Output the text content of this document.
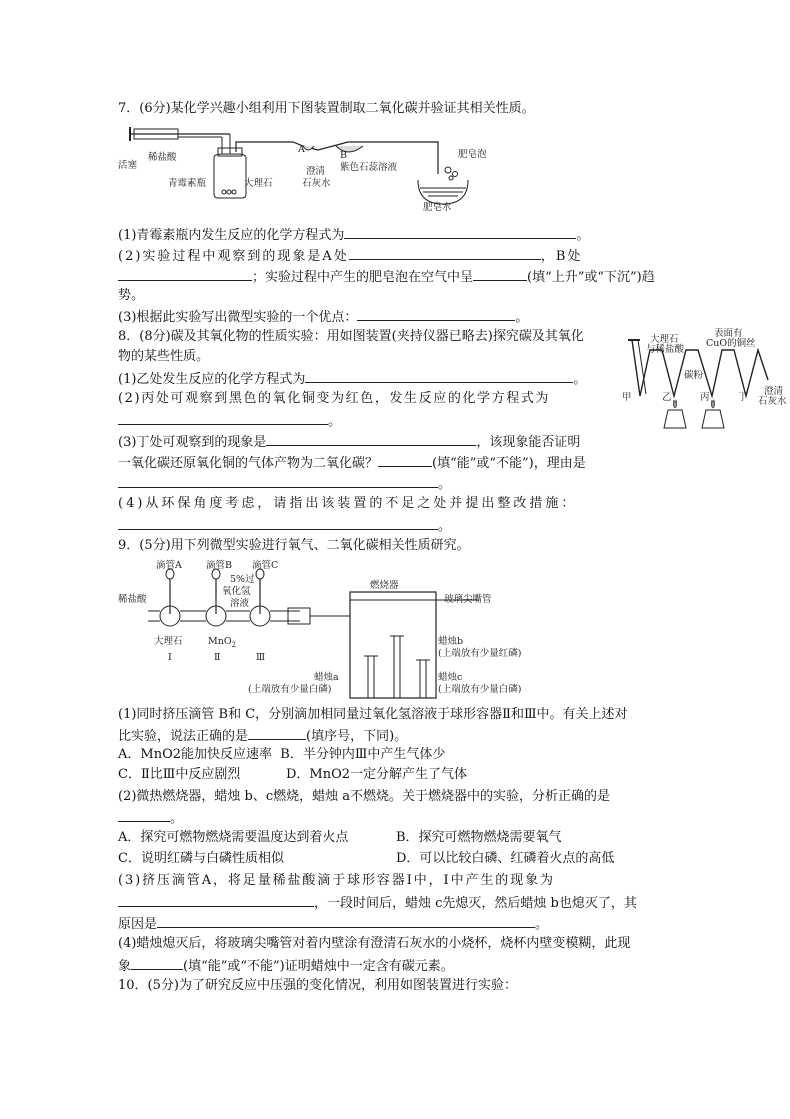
7．(6分)某化学兴趣小组利用下图装置制取二氧化碳并验证其相关性质。
活塞
稀盐酸
A
B	肥皂泡
澄清
石灰水
紫色石蕊溶液
青霉素瓶	大理石
肥皂水
(1)青霉素瓶内发生反应的化学方程式为	。
(2)实验过程中观察到的现象是A处	，B处
；实验过程中产生的肥皂泡在空气中呈	(填“上升”或“下沉”)趋
势。
(3)根据此实验写出微型实验的一个优点：	。
8．(8分)碳及其氧化物的性质实验：用如图装置(夹持仪器已略去)探究碳及其氧化
物的某些性质。
大理石
与稀盐酸
表面有
CuO的铜丝
碳粉
甲	乙	丙	丁
澄清
石灰水
(1)乙处发生反应的化学方程式为	。
(2)丙处可观察到黑色的氧化铜变为红色，发生反应的化学方程式为
。
(3)丁处可观察到的现象是	，该现象能否证明
一氧化碳还原氧化铜的气体产物为二氧化碳？	(填“能”或“不能”)，理由是
。
(4)从环保角度考虑，请指出该装置的不足之处并提出整改措施：
。
9．(5分)用下列微型实验进行氧气、二氧化碳相关性质研究。
滴管A	滴管B 滴管C
5%过
氧化氢
溶液
稀盐酸
燃烧器
玻璃尖嘴管
大理石	MnO$_2$
Ⅰ	Ⅱ	Ⅲ
蜡烛b
(上端放有少量红磷)
蜡烛a
(上端放有少量白磷)
蜡烛c
(上端放有少量白磷)
(1)同时挤压滴管 B和 C，分别滴加相同量过氧化氢溶液于球形容器Ⅱ和Ⅲ中。有关上述对
比实验，说法正确的是	(填序号，下同)。
A．MnO2能加快反应速率 B．半分钟内Ⅲ中产生气体少
C．Ⅱ比Ⅲ中反应剧烈	D．MnO2一定分解产生了气体
(2)微热燃烧器，蜡烛 b、c燃烧，蜡烛 a不燃烧。关于燃烧器中的实验，分析正确的是
。
A．探究可燃物燃烧需要温度达到着火点	B．探究可燃物燃烧需要氧气
C．说明红磷与白磷性质相似	D．可以比较白磷、红磷着火点的高低
(3)挤压滴管A，将足量稀盐酸滴于球形容器Ⅰ中，Ⅰ中产生的现象为
，一段时间后，蜡烛 c先熄灭，然后蜡烛 b也熄灭了，其
原因是	。
(4)蜡烛熄灭后，将玻璃尖嘴管对着内壁涂有澄清石灰水的小烧杯，烧杯内壁变模糊，此现
象	(填“能”或“不能”)证明蜡烛中一定含有碳元素。
10．(5分)为了研究反应中压强的变化情况，利用如图装置进行实验：
